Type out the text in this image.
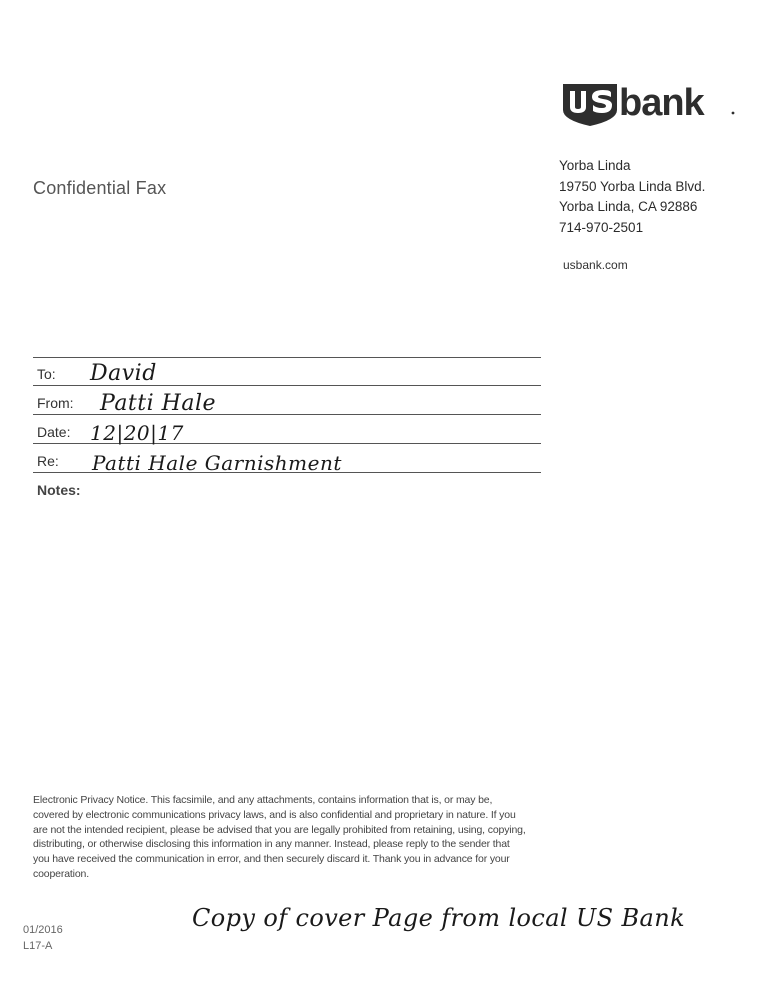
bank
Yorba Linda
19750 Yorba Linda Blvd.
Yorba Linda, CA 92886
714-970-2501
usbank.com
Confidential Fax
To: David
From: Patti Hale
Date: 12|20|17
Re: Patti Hale Garnishment
Notes:
Electronic Privacy Notice. This facsimile, and any attachments, contains information that is, or may be, covered by electronic communications privacy laws, and is also confidential and proprietary in nature. If you are not the intended recipient, please be advised that you are legally prohibited from retaining, using, copying, distributing, or otherwise disclosing this information in any manner. Instead, please reply to the sender that you have received the communication in error, and then securely discard it. Thank you in advance for your cooperation.
01/2016
L17-A
Copy of cover Page from local US Bank
